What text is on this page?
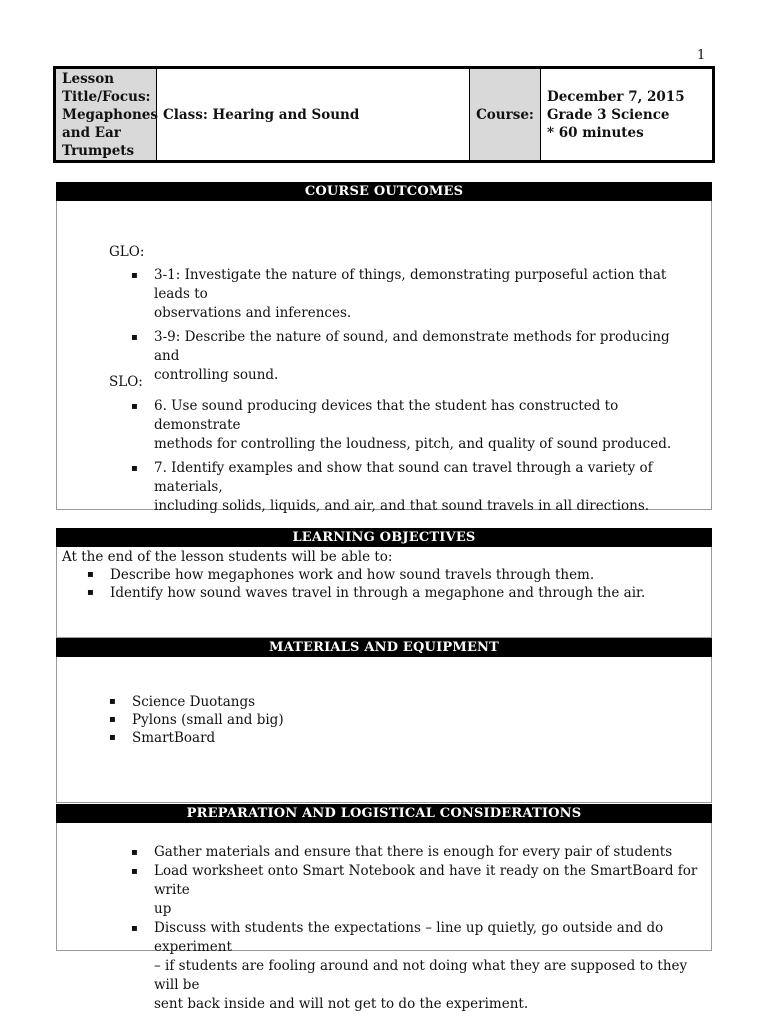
1
Lesson
Title/Focus:
Megaphones
and Ear
Trumpets
Class: Hearing and Sound	Course:
December 7, 2015
Grade 3 Science
* 60 minutes
COURSE OUTCOMES
GLO:
▪ 3-1: Investigate the nature of things, demonstrating purposeful action that leads to
observations and inferences.
▪ 3-9: Describe the nature of sound, and demonstrate methods for producing and
controlling sound.
SLO:
▪ 6. Use sound producing devices that the student has constructed to demonstrate
methods for controlling the loudness, pitch, and quality of sound produced.
▪ 7. Identify examples and show that sound can travel through a variety of materials,
including solids, liquids, and air, and that sound travels in all directions.
LEARNING OBJECTIVES
At the end of the lesson students will be able to:
▪ Describe how megaphones work and how sound travels through them.
▪ Identify how sound waves travel in through a megaphone and through the air.
MATERIALS AND EQUIPMENT
▪ Science Duotangs
▪ Pylons (small and big)
▪ SmartBoard
PREPARATION AND LOGISTICAL CONSIDERATIONS
▪ Gather materials and ensure that there is enough for every pair of students
▪ Load worksheet onto Smart Notebook and have it ready on the SmartBoard for write
up
▪ Discuss with students the expectations – line up quietly, go outside and do experiment
– if students are fooling around and not doing what they are supposed to they will be
sent back inside and will not get to do the experiment.
